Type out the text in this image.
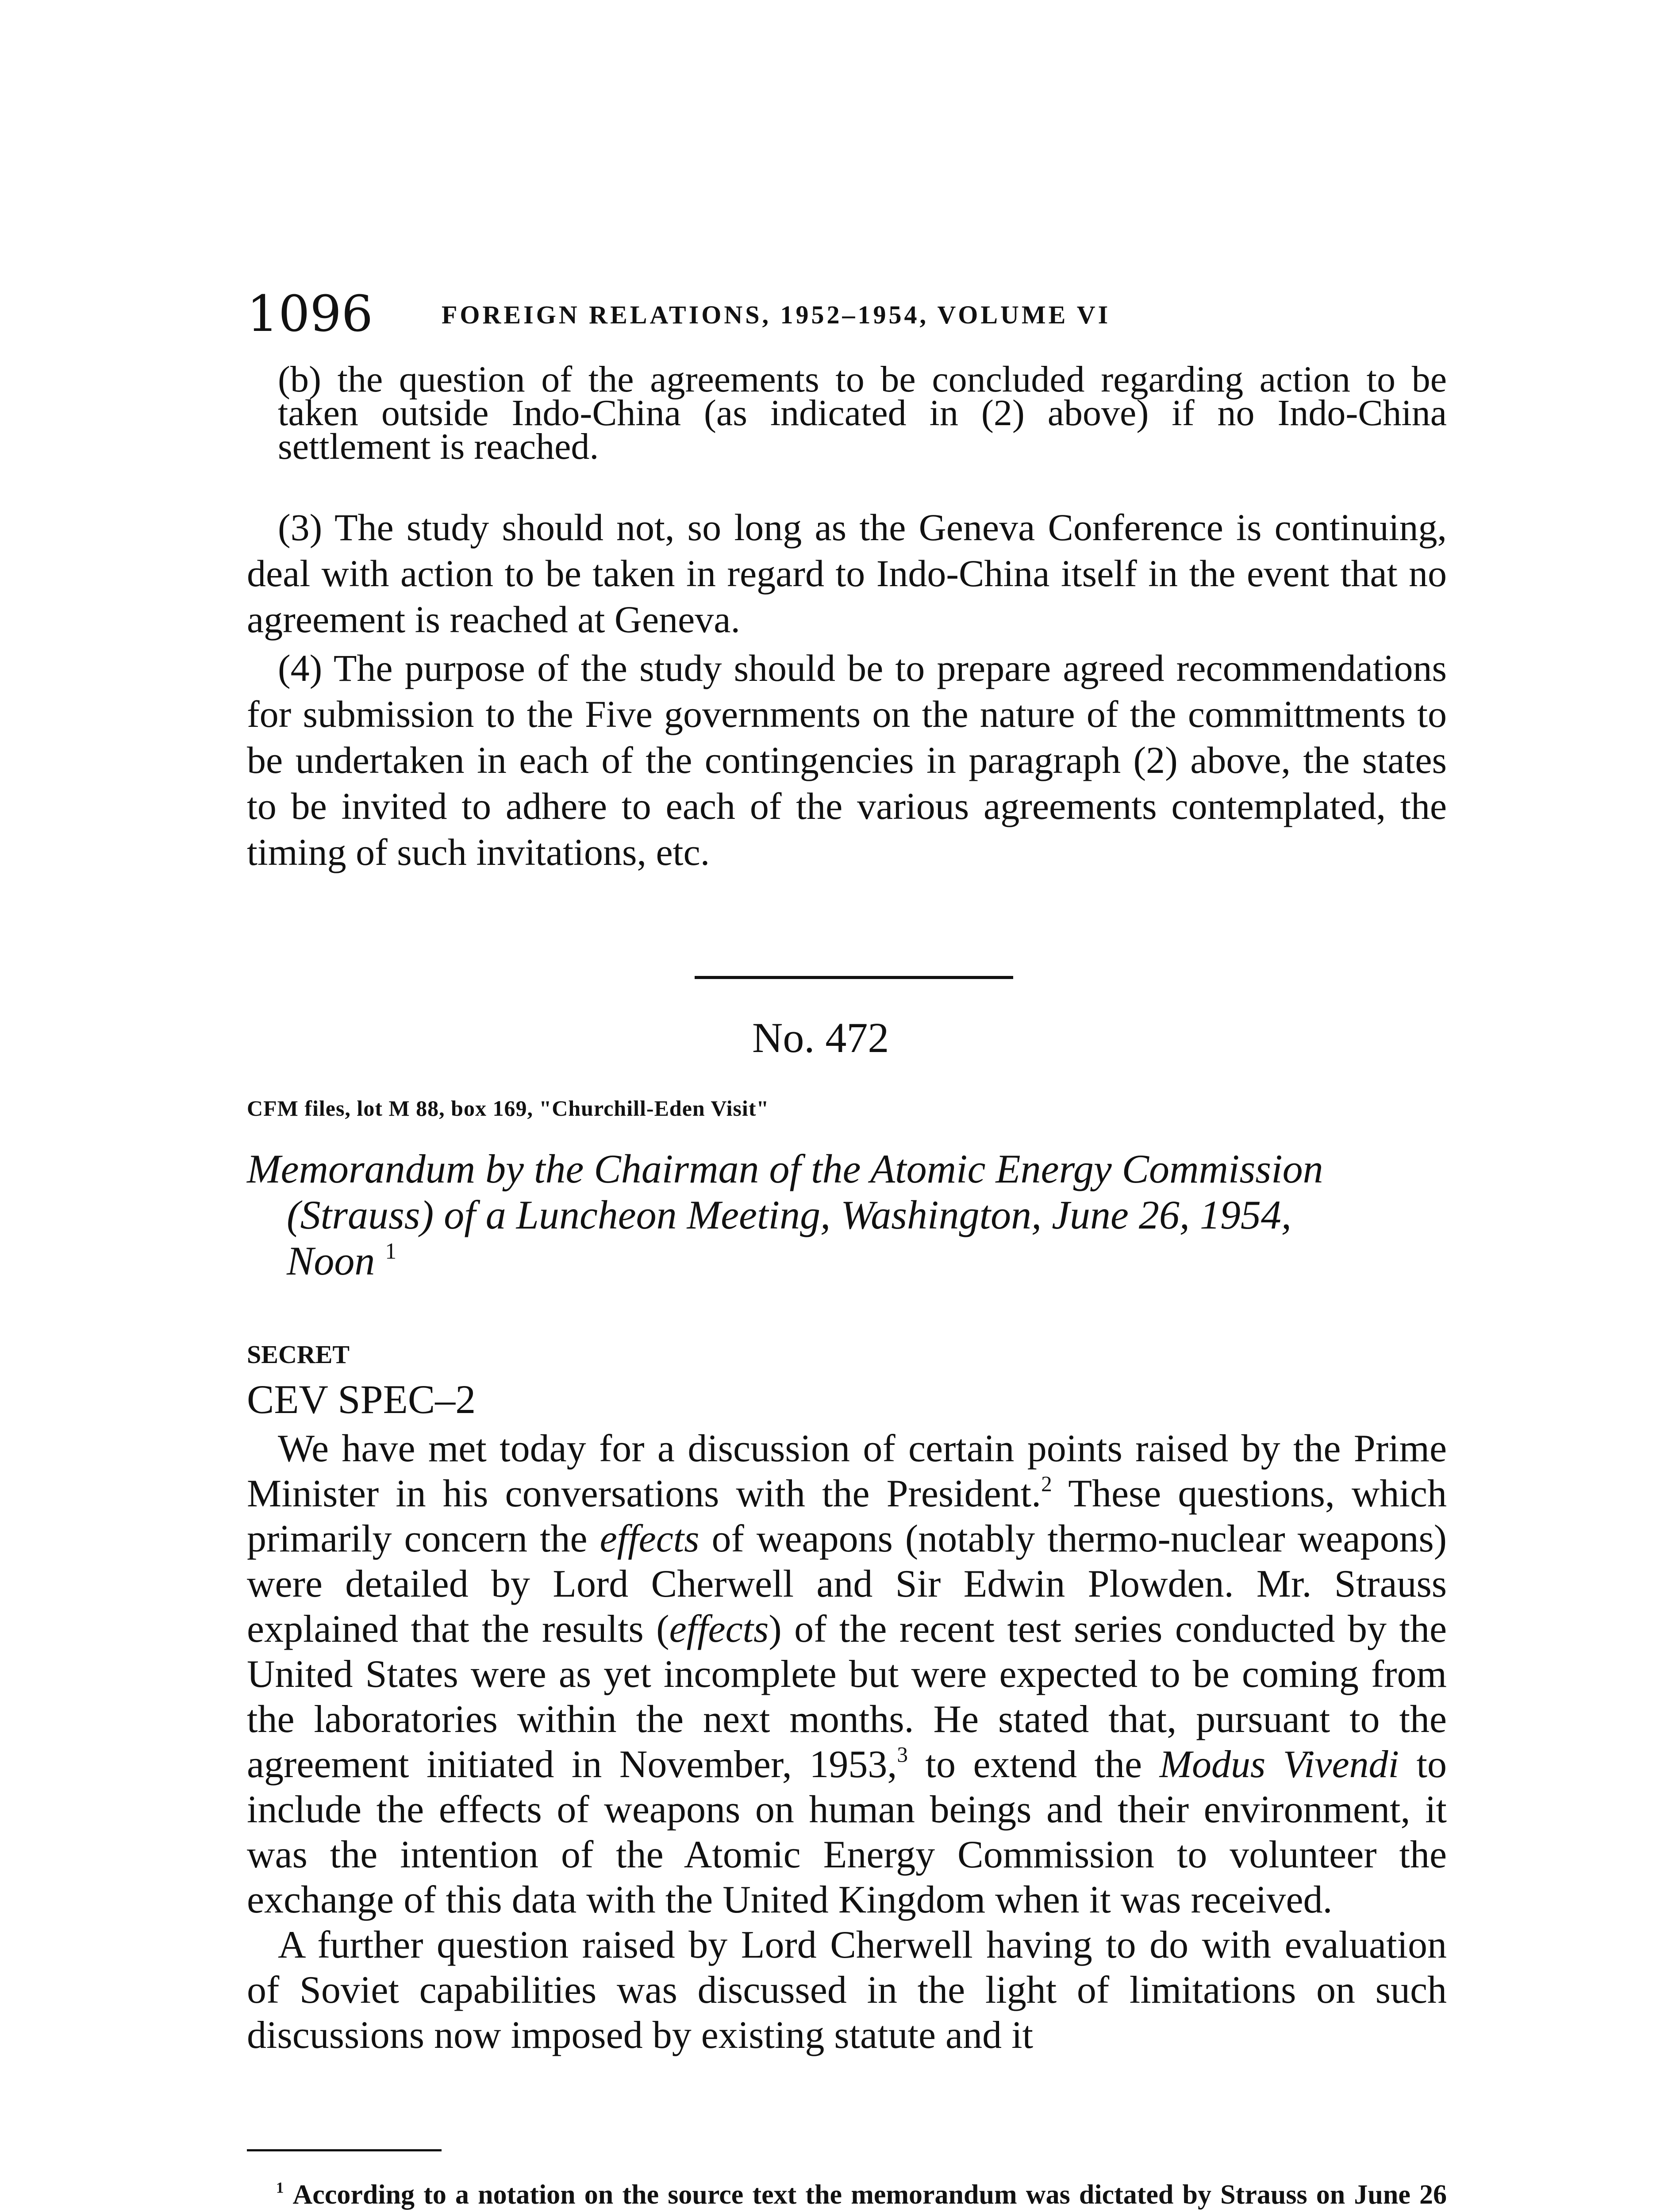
1096	FOREIGN RELATIONS, 1952–1954, VOLUME VI

(b) the question of the agreements to be concluded regarding action to be taken outside Indo-China (as indicated in (2) above) if no Indo-China settlement is reached.

(3) The study should not, so long as the Geneva Conference is continuing, deal with action to be taken in regard to Indo-China itself in the event that no agreement is reached at Geneva.

(4) The purpose of the study should be to prepare agreed recommendations for submission to the Five governments on the nature of the committments to be undertaken in each of the contingencies in paragraph (2) above, the states to be invited to adhere to each of the various agreements contemplated, the timing of such invitations, etc.

No. 472
CFM files, lot M 88, box 169, "Churchill-Eden Visit"
Memorandum by the Chairman of the Atomic Energy Commission
(Strauss) of a Luncheon Meeting, Washington, June 26, 1954,
Noon $^1$
SECRET
CEV SPEC–2

We have met today for a discussion of certain points raised by the Prime Minister in his conversations with the President.$^2$ These questions, which primarily concern the effects of weapons (notably thermo-nuclear weapons) were detailed by Lord Cherwell and Sir Edwin Plowden. Mr. Strauss explained that the results (effects) of the recent test series conducted by the United States were as yet incomplete but were expected to be coming from the laboratories within the next months. He stated that, pursuant to the agreement initiated in November, 1953,$^3$ to extend the Modus Vivendi to include the effects of weapons on human beings and their environment, it was the intention of the Atomic Energy Commission to volunteer the exchange of this data with the United Kingdom when it was received.

A further question raised by Lord Cherwell having to do with evaluation of Soviet capabilities was discussed in the light of limitations on such discussions now imposed by existing statute and it

$^1$ According to a notation on the source text the memorandum was dictated by Strauss on June 26
